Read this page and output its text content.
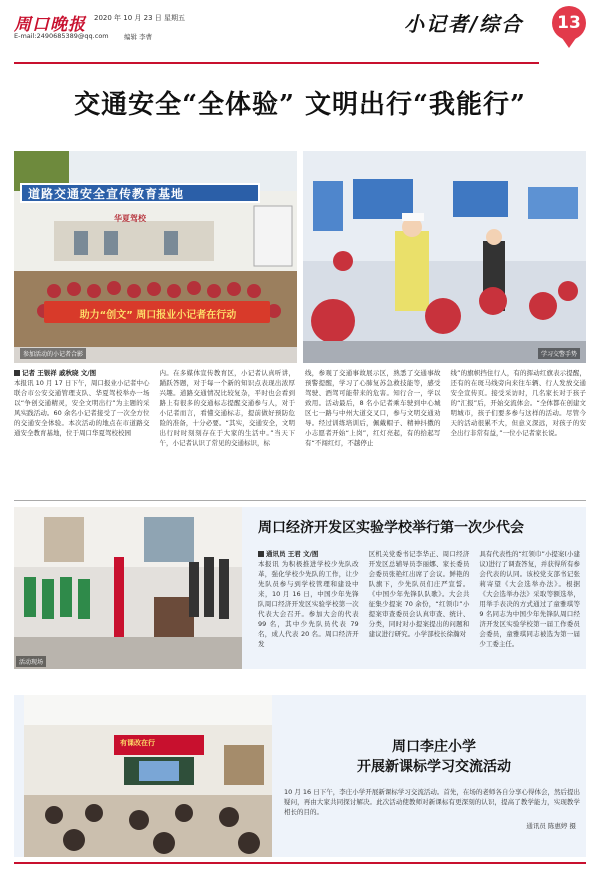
周口晚报 2020 年 10 月 23 日 星期五
E-mail:2490685389@qq.com 编辑 李曹
小记者/综合	13
交通安全“全体验” 文明出行“我能行”
道路交通安全宣传教育基地
华夏驾校
助力“创文” 周口报业小记者在行动
参加活动的小记者合影	学习交警手势
记者 王银祥 戚秋晓 文/图
本报讯 10 月 17 日下午，周口报业小记者中心联合市公安交通管理支队、华夏驾校举办一场以“争创交通精灵，安全文明出行”为主题的采风实践活动。60 余名小记者接受了一次全方位的交通安全体验。本次活动的地点在市道路交通安全教育基地，位于周口华夏驾校校园
内。在多媒体宣传教育区，小记者认真听讲，踊跃答题，对于每一个新的知识点表现出浓厚兴趣。道路交通情况比较复杂，平时也会看到路上有很多的交通标志提醒交通参与人，对于小记者而言，看懂交通标志，提前做好预防危险的准备，十分必要。“其实，交通安全，文明出行时时刻刻存在于大家的生活中。”当天下午，小记者认识了常见的交通标识，标
线，参观了交通事故展示区，熟悉了交通事故预警提醒，学习了心肺复苏急救技能等，感受驾驶、酒驾可能带来的危害。知行合一，学以致用。活动最后，8 名小记者乘车驶到中心城区七一路与中州大道交叉口，参与文明交通劝导。经过训练培训后，佩戴帽子、精神抖擞的小志愿者开始“上岗”，红灯亮起，有的拾起写有“不闯红灯，不越停止
线”的旗帜挡住行人，有的挥动红旗表示提醒，还有的在斑马线旁向来往车辆、行人发放交通安全宣传页。接受采访时，几名家长对于孩子的“汇报”后，开始交流体会。“全体都在创建文明城市，孩子们要多参与这样的活动。尽管今天的活动很累不大，但意义深远，对孩子的安全出行非常有益，”一位小记者家长说。
活动现场
周口经济开发区实验学校举行第一次少代会
通讯员 王君 文/图
本报讯 为积极推进学校少先队改革，强化学校少先队的工作，让少先队员参与到学校管理和建设中来，10 月 16 日，中国少年先锋队周口经济开发区实验学校第一次代表大会召开。参加大会的代表 99 名，其中少先队员代表 79 名，成人代表 20 名。周口经济开发
区机关党委书记李华正、周口经济开发区总辅导员李丽娜、家长委员会委员张艳红出席了会议。鲜艳的队旗下，少先队员们庄严宣誓。《中国少年先锋队队歌》。大会共征集少提案 70 余份，“红领巾”小提案审查委员会认真审查、统计、分类，同时对小提案提出的问题和建议进行研究。小学部校长徐瀚对
具有代表性的“红领巾”小提案(小建议)进行了调查答复，并获得所有参会代表的认同。该校党支部书记张莉寄望《大会选举办法》。根据《大会选举办法》采取等额选举，用举手表决的方式通过了童雅琪等 9 名同志为中国少年先锋队周口经济开发区实验学校第一届工作委员会委员，童雅琪同志被选为第一届少工委主任。
有课改在行	周口李庄小学
开展新课标学习交流活动
10 月 16 日下午，李庄小学开展新课标学习交流活动。首先，在场的老师各自分享心得体会，然后提出疑问，再由大家共同探讨解决。此次活动使教师对新课标有更深刻的认识，提高了教学能力，实现教学相长的目的。
通讯员 陈惠婷 摄
